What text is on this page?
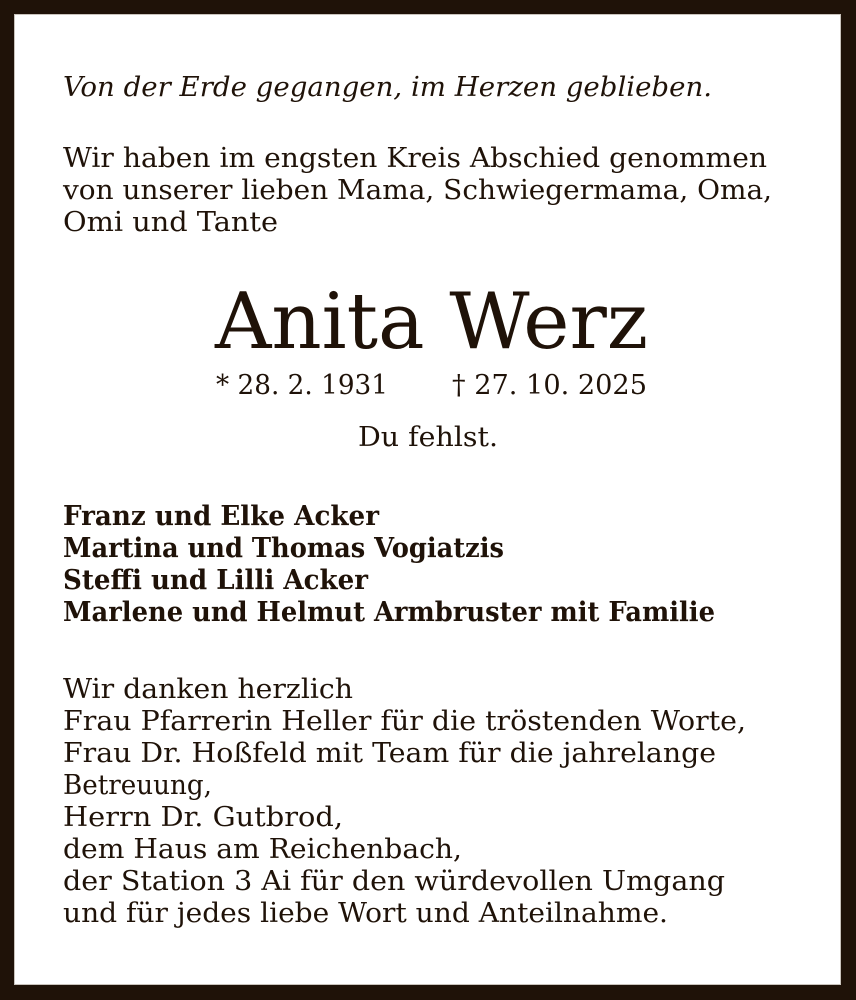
Von der Erde gegangen, im Herzen geblieben.
Wir haben im engsten Kreis Abschied genommen
von unserer lieben Mama, Schwiegermama, Oma,
Omi und Tante
Anita Werz
* 28. 2. 1931 † 27. 10. 2025
Du fehlst.
Franz und Elke Acker
Martina und Thomas Vogiatzis
Steffi und Lilli Acker
Marlene und Helmut Armbruster mit Familie
Wir danken herzlich
Frau Pfarrerin Heller für die tröstenden Worte,
Frau Dr. Hoßfeld mit Team für die jahrelange
Betreuung,
Herrn Dr. Gutbrod,
dem Haus am Reichenbach,
der Station 3 Ai für den würdevollen Umgang
und für jedes liebe Wort und Anteilnahme.
